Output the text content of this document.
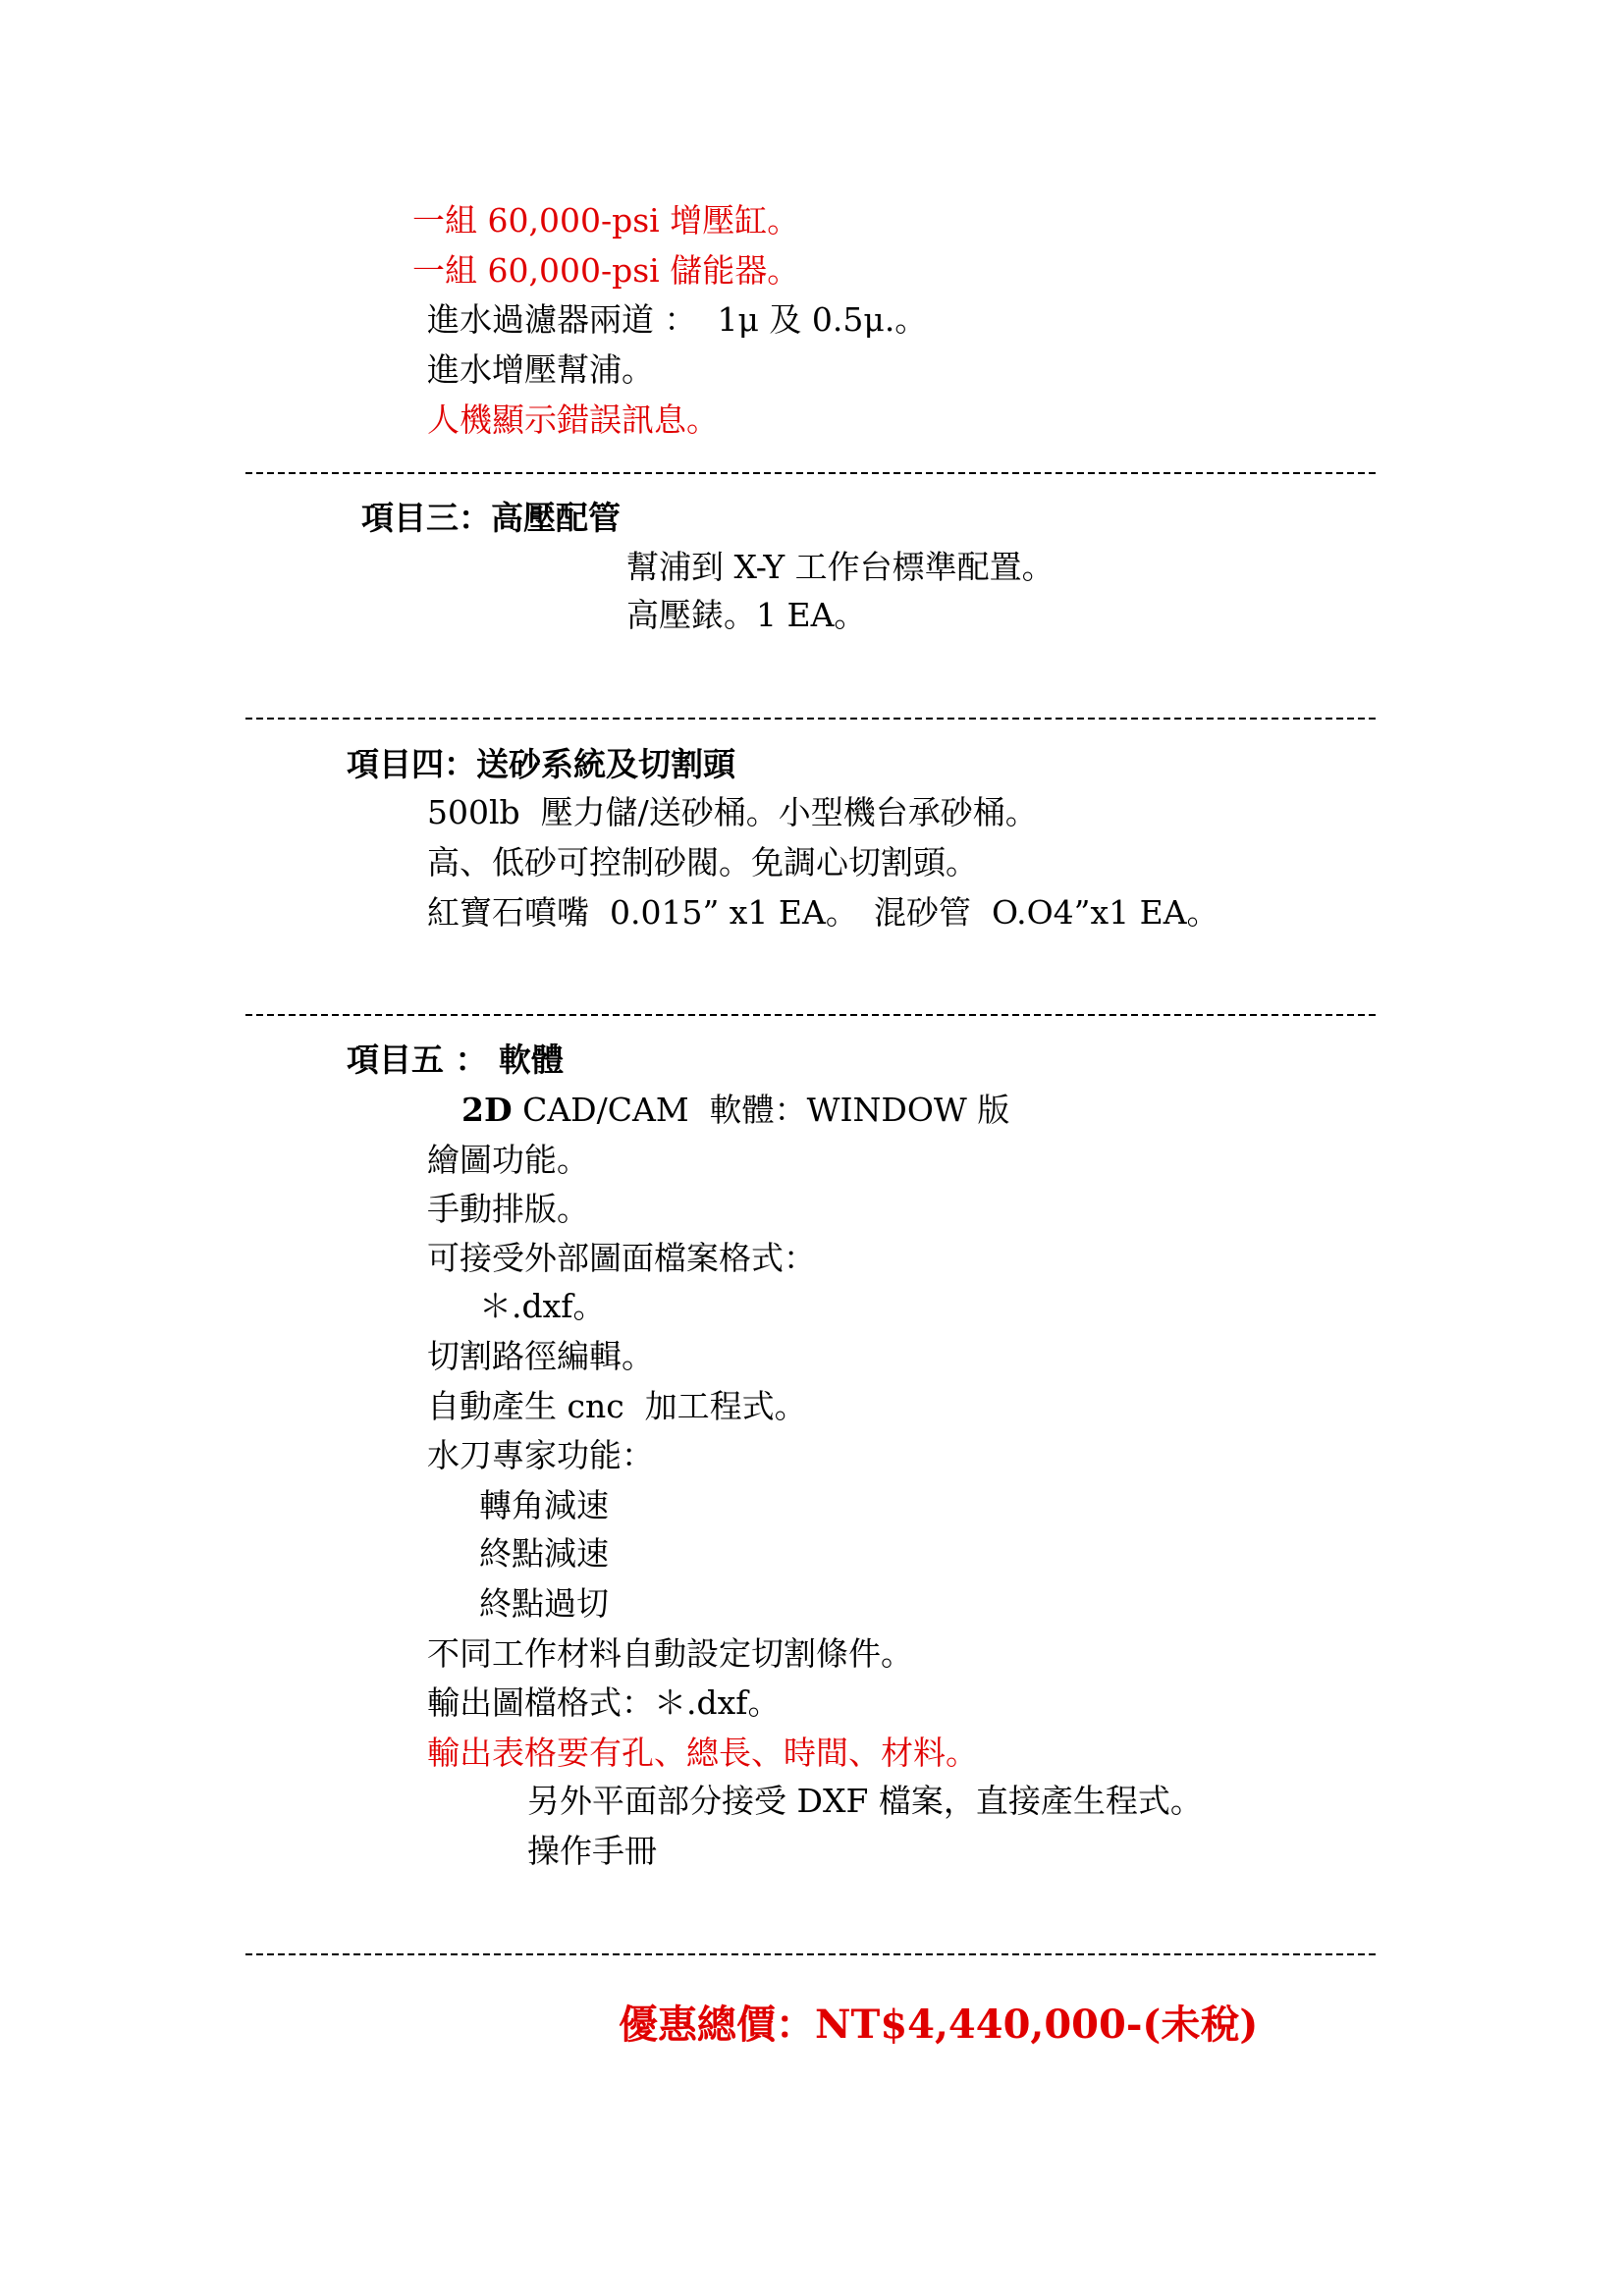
一組 60,000-psi 增壓缸。
一組 60,000-psi 儲能器。
進水過濾器兩道 ：  1μ 及 0.5μ.。
進水增壓幫浦。
人機顯示錯誤訊息。
項目三：高壓配管
幫浦到 X-Y 工作台標準配置。
高壓錶。1 EA。
項目四：送砂系統及切割頭
500lb  壓力儲/送砂桶。小型機台承砂桶。
高、低砂可控制砂閥。免調心切割頭。
紅寶石噴嘴  0.015” x1 EA。 混砂管  O.O4”x1 EA。
項目五 ： 軟體
2D CAD/CAM  軟體：WINDOW 版
繪圖功能。
手動排版。
可接受外部圖面檔案格式：
＊.dxf。
切割路徑編輯。
自動產生 cnc  加工程式。
水刀專家功能：
轉角減速
終點減速
終點過切
不同工作材料自動設定切割條件。
輸出圖檔格式：＊.dxf。
輸出表格要有孔、總長、時間、材料。
另外平面部分接受 DXF 檔案，直接產生程式。
操作手冊
優惠總價：NT$4,440,000-(未稅)
